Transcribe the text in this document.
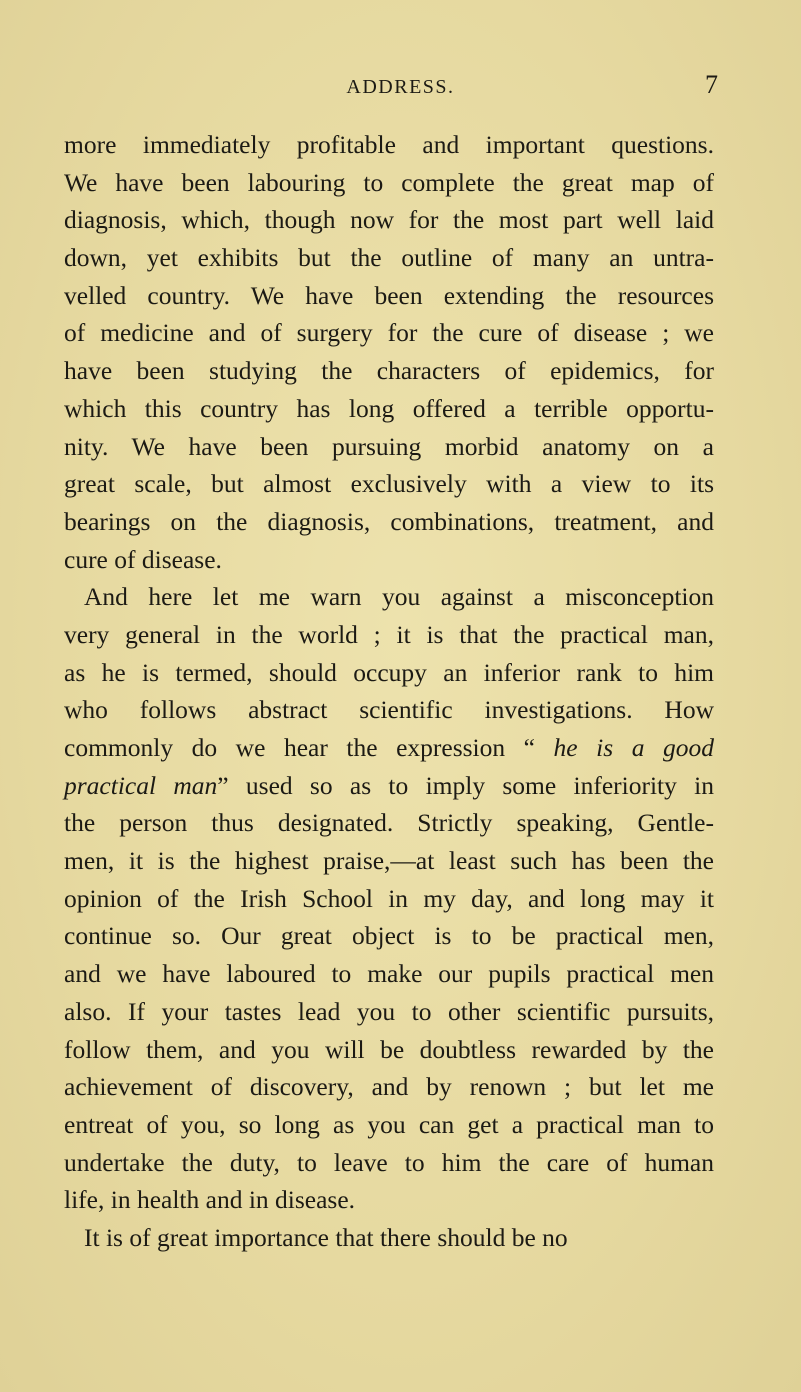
ADDRESS.	7
more immediately profitable and important questions.
We have been labouring to complete the great map of
diagnosis, which, though now for the most part well laid
down, yet exhibits but the outline of many an untra-
velled country. We have been extending the resources
of medicine and of surgery for the cure of disease ; we
have been studying the characters of epidemics, for
which this country has long offered a terrible opportu-
nity. We have been pursuing morbid anatomy on a
great scale, but almost exclusively with a view to its
bearings on the diagnosis, combinations, treatment, and
cure of disease.
And here let me warn you against a misconception
very general in the world ; it is that the practical man,
as he is termed, should occupy an inferior rank to him
who follows abstract scientific investigations. How
commonly do we hear the expression “ he is a good
practical man” used so as to imply some inferiority in
the person thus designated. Strictly speaking, Gentle-
men, it is the highest praise,—at least such has been the
opinion of the Irish School in my day, and long may it
continue so. Our great object is to be practical men,
and we have laboured to make our pupils practical men
also. If your tastes lead you to other scientific pursuits,
follow them, and you will be doubtless rewarded by the
achievement of discovery, and by renown ; but let me
entreat of you, so long as you can get a practical man to
undertake the duty, to leave to him the care of human
life, in health and in disease.
It is of great importance that there should be no
